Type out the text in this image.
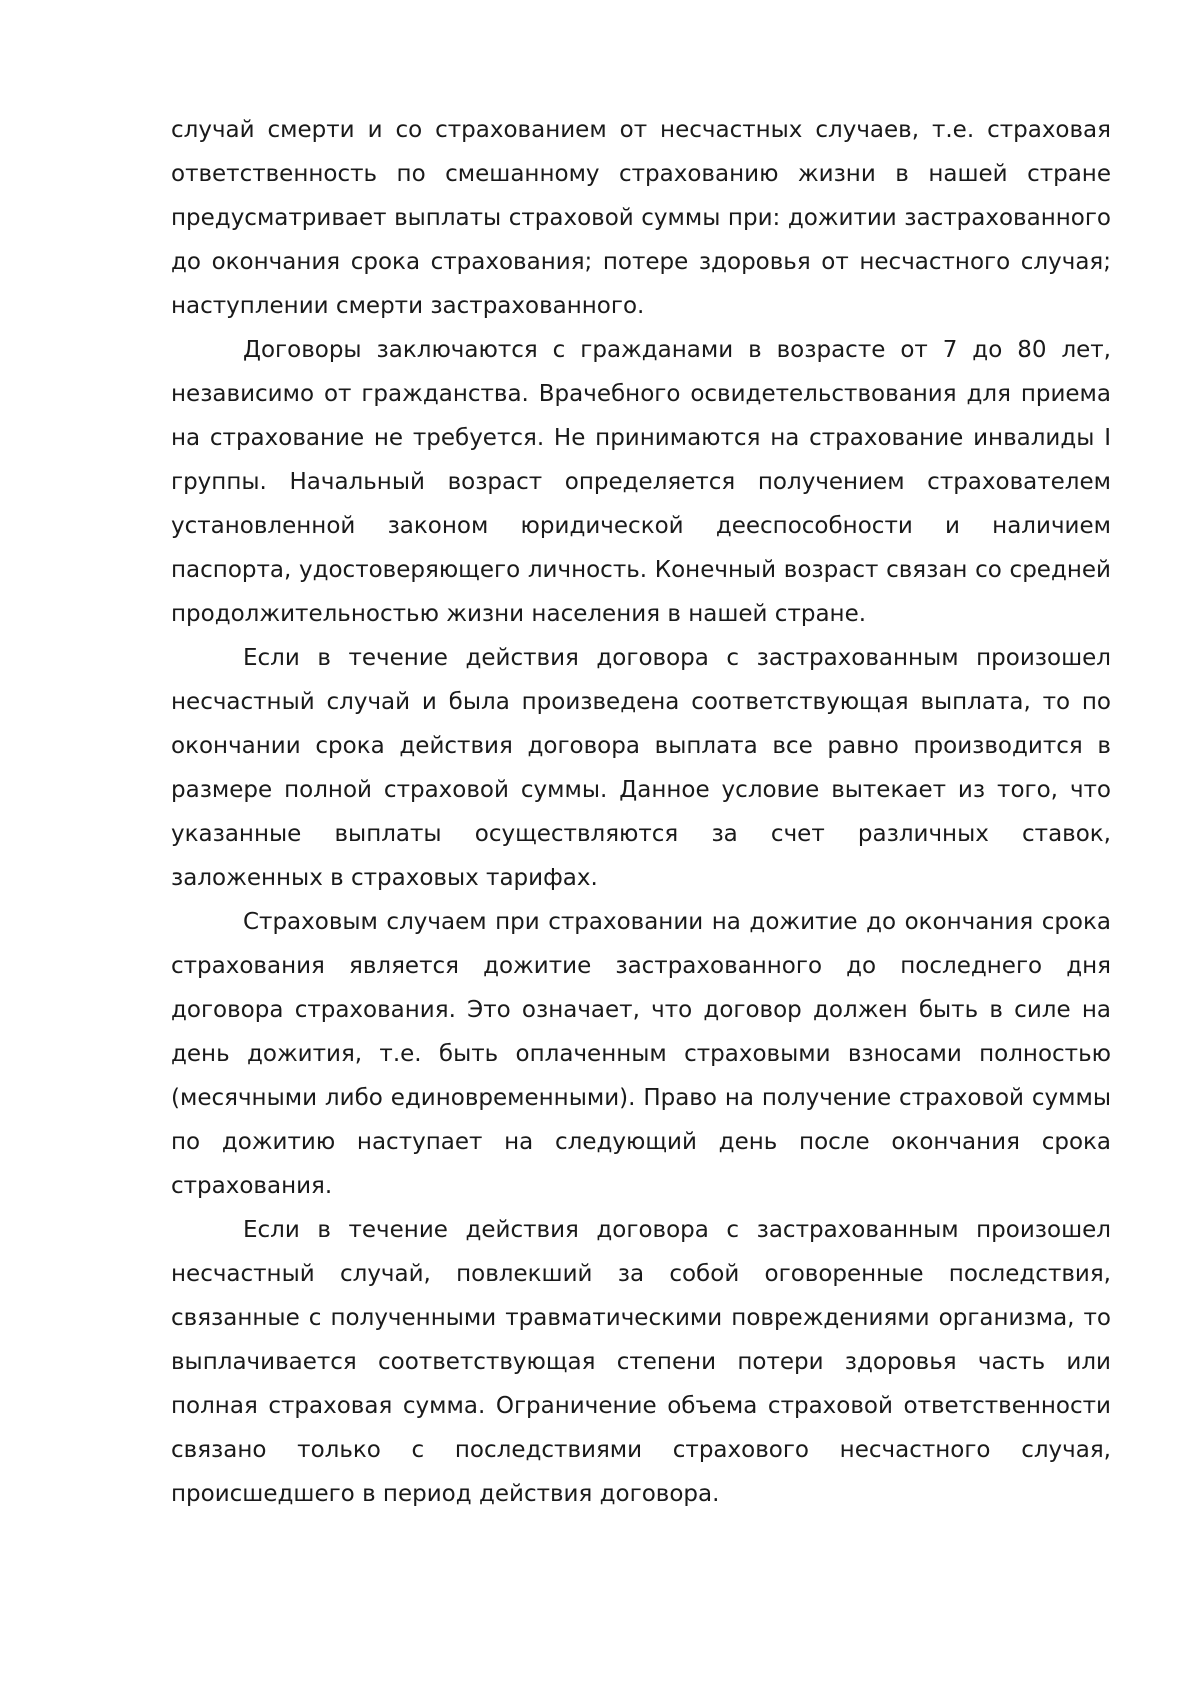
случай смерти и со страхованием от несчастных случаев, т.е. страховая ответственность по смешанному страхованию жизни в нашей стране предусматривает выплаты страховой суммы при: дожитии застрахованного до окончания срока страхования; потере здоровья от несчастного случая; наступлении смерти застрахованного.

Договоры заключаются с гражданами в возрасте от 7 до 80 лет, независимо от гражданства. Врачебного освидетельствования для приема на страхование не требуется. Не принимаются на страхование инвалиды I группы. Начальный возраст определяется получением страхователем установленной законом юридической дееспособности и наличием паспорта, удостоверяющего личность. Конечный возраст связан со средней продолжительностью жизни населения в нашей стране.

Если в течение действия договора с застрахованным произошел несчастный случай и была произведена соответствующая выплата, то по окончании срока действия договора выплата все равно производится в размере полной страховой суммы. Данное условие вытекает из того, что указанные выплаты осуществляются за счет различных ставок, заложенных в страховых тарифах.

Страховым случаем при страховании на дожитие до окончания срока страхования является дожитие застрахованного до последнего дня договора страхования. Это означает, что договор должен быть в силе на день дожития, т.е. быть оплаченным страховыми взносами полностью (месячными либо единовременными). Право на получение страховой суммы по дожитию наступает на следующий день после окончания срока страхования.

Если в течение действия договора с застрахованным произошел несчастный случай, повлекший за собой оговоренные последствия, связанные с полученными травматическими повреждениями организма, то выплачивается соответствующая степени потери здоровья часть или полная страховая сумма. Ограничение объема страховой ответственности связано только с последствиями страхового несчастного случая, происшедшего в период действия договора.
